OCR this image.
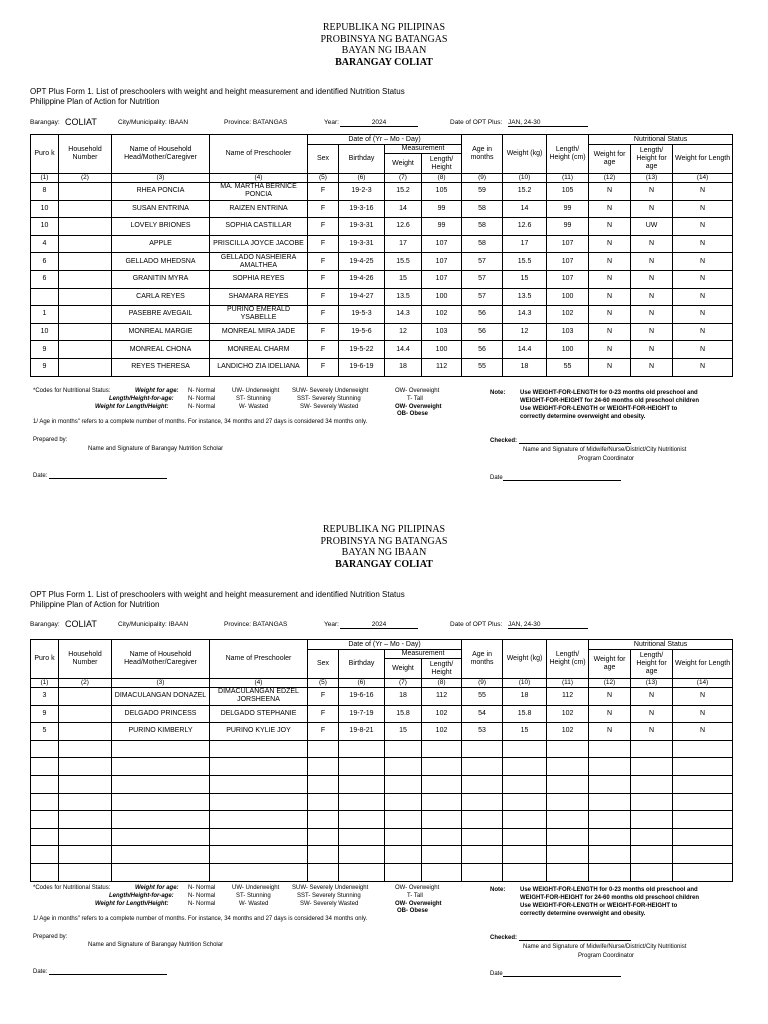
REPUBLIKA NG PILIPINAS
PROBINSYA NG BATANGAS
BAYAN NG IBAAN
BARANGAY COLIAT
OPT Plus Form 1. List of preschoolers with weight and height measurement and identified Nutrition Status
Philippine Plan of Action for Nutrition
Barangay: COLIAT	City/Municipality: IBAAN	Province: BATANGAS	Year:	2024	Date of OPT Plus: JAN, 24-30
Puro k	Household Number	Name of Household Head/Mother/Caregiver	Name of Preschooler	Date of (Yr – Mo - Day)				Age in months	Weight (kg)	Length/ Height (cm)	Nutritional Status		
				Sex	Birthday	Measurement					Weight for age	Length/ Height for age	Weight for Length
						Weight	Length/ Height						
(1)	(2)	(3)	(4)	(5)	(6)	(7)	(8)	(9)	(10)	(11)	(12)	(13)	(14)
8		RHEA PONCIA	MA. MARTHA BERNICE PONCIA	F	19-2-3	15.2	105	59	15.2	105	N	N	N
10		SUSAN ENTRINA	RAIZEN ENTRINA	F	19-3-16	14	99	58	14	99	N	N	N
10		LOVELY BRIONES	SOPHIA CASTILLAR	F	19-3-31	12.6	99	58	12.6	99	N	UW	N
4		APPLE	PRISCILLA JOYCE JACOBE	F	19-3-31	17	107	58	17	107	N	N	N
6		GELLADO MHEDSNA	GELLADO NASHEIERA AMALTHEA	F	19-4-25	15.5	107	57	15.5	107	N	N	N
6		GRANITIN MYRA	SOPHIA REYES	F	19-4-26	15	107	57	15	107	N	N	N
		CARLA REYES	SHAMARA REYES	F	19-4-27	13.5	100	57	13.5	100	N	N	N
1		PASEBRE AVEGAIL	PURINO EMERALD YSABELLE	F	19-5-3	14.3	102	56	14.3	102	N	N	N
10		MONREAL MARGIE	MONREAL MIRA JADE	F	19-5-6	12	103	56	12	103	N	N	N
9		MONREAL CHONA	MONREAL CHARM	F	19-5-22	14.4	100	56	14.4	100	N	N	N
9		REYES THERESA	LANDICHO ZIA IDELIANA	F	19-6-19	18	112	55	18	55	N	N	N
*Codes for Nutritional Status:	Weight for age: N- Normal	UW- Underweight SUW- Severely Underweight	OW- Overweight
Length/Height-for-age: N- Normal	ST- Stunning	SST- Severely Stunning	T- Tall
Weight for Length/Height:	N- Normal	W- Wasted	SW- Severely Wasted	OW- Overweight
OB- Obese
1/ Age in months" refers to a complete number of months. For instance, 34 months and 27 days is considered 34 months only.
Note: Use WEIGHT-FOR-LENGTH for 0-23 months old preschool and
WEIGHT-FOR-HEIGHT for 24-60 months old preschool children
Use WEIGHT-FOR-LENGTH or WEIGHT-FOR-HEIGHT to
correctly determine overweight and obesity.
Prepared by:
Name and Signature of Barangay Nutrition Scholar
Checked:
Name and Signature of Midwife/Nurse/District/City Nutritionist
Program Coordinator
Date:	Date
REPUBLIKA NG PILIPINAS
PROBINSYA NG BATANGAS
BAYAN NG IBAAN
BARANGAY COLIAT
OPT Plus Form 1. List of preschoolers with weight and height measurement and identified Nutrition Status
Philippine Plan of Action for Nutrition
Barangay: COLIAT	City/Municipality: IBAAN	Province: BATANGAS	Year:	2024	Date of OPT Plus: JAN, 24-30
Puro k	Household Number	Name of Household Head/Mother/Caregiver	Name of Preschooler	Date of (Yr – Mo - Day)				Age in months	Weight (kg)	Length/ Height (cm)	Nutritional Status		
				Sex	Birthday	Measurement					Weight for age	Length/ Height for age	Weight for Length
						Weight	Length/ Height						
(1)	(2)	(3)	(4)	(5)	(6)	(7)	(8)	(9)	(10)	(11)	(12)	(13)	(14)
3		DIMACULANGAN DONAZEL	DIMACULANGAN EDZEL JORSHEENA	F	19-6-16	18	112	55	18	112	N	N	N
9		DELGADO PRINCESS	DELGADO STEPHANIE	F	19-7-19	15.8	102	54	15.8	102	N	N	N
5		PURINO KIMBERLY	PURINO KYLIE JOY	F	19-8-21	15	102	53	15	102	N	N	N

*Codes for Nutritional Status:	Weight for age: N- Normal	UW- Underweight SUW- Severely Underweight	OW- Overweight
Length/Height-for-age: N- Normal	ST- Stunning	SST- Severely Stunning	T- Tall
Weight for Length/Height:	N- Normal	W- Wasted	SW- Severely Wasted	OW- Overweight
OB- Obese
1/ Age in months" refers to a complete number of months. For instance, 34 months and 27 days is considered 34 months only.
Note: Use WEIGHT-FOR-LENGTH for 0-23 months old preschool and
WEIGHT-FOR-HEIGHT for 24-60 months old preschool children
Use WEIGHT-FOR-LENGTH or WEIGHT-FOR-HEIGHT to
correctly determine overweight and obesity.
Prepared by:
Name and Signature of Barangay Nutrition Scholar
Checked:
Name and Signature of Midwife/Nurse/District/City Nutritionist
Program Coordinator
Date:	Date
